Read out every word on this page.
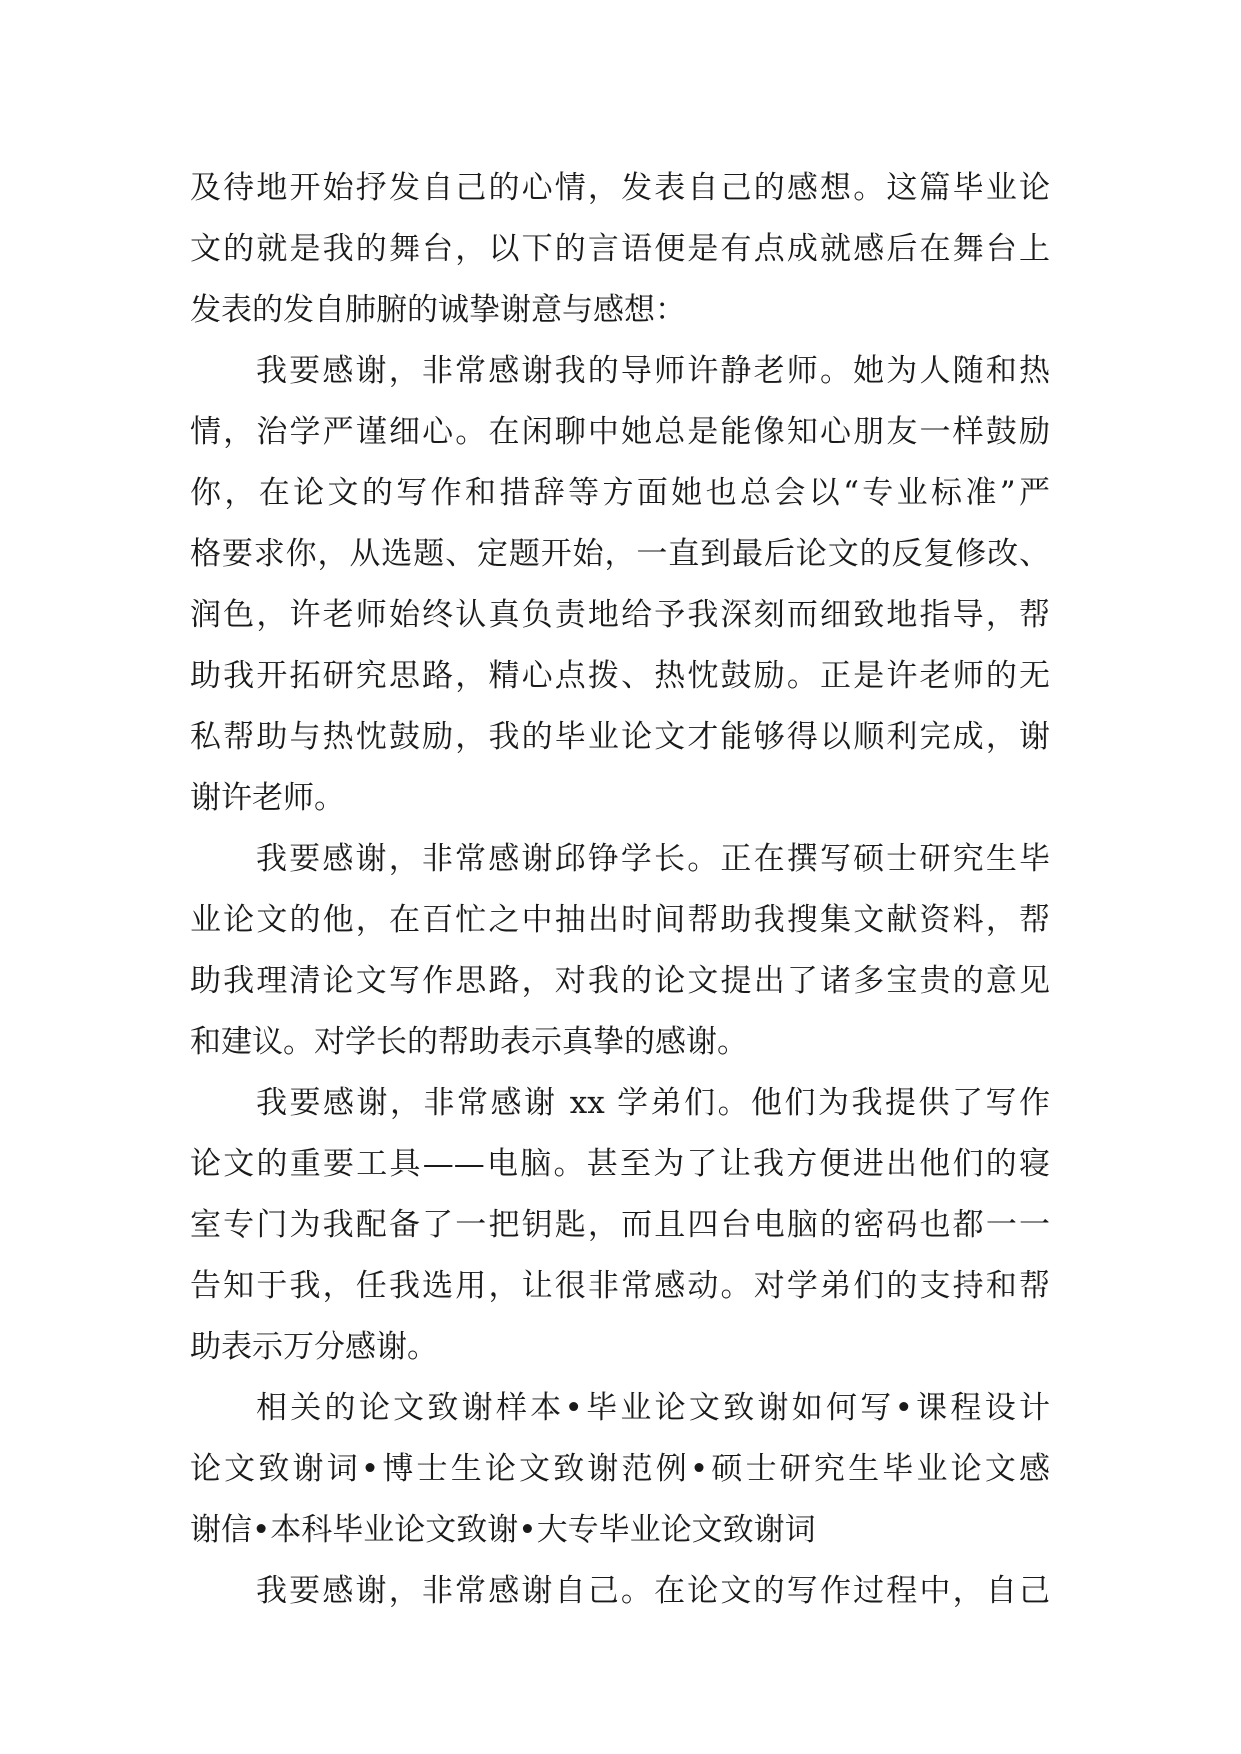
及待地开始抒发自己的心情，发表自己的感想。这篇毕业论
文的就是我的舞台，以下的言语便是有点成就感后在舞台上
发表的发自肺腑的诚挚谢意与感想：

我要感谢，非常感谢我的导师许静老师。她为人随和热
情，治学严谨细心。在闲聊中她总是能像知心朋友一样鼓励
你，在论文的写作和措辞等方面她也总会以“专业标准”严
格要求你，从选题、定题开始，一直到最后论文的反复修改、
润色，许老师始终认真负责地给予我深刻而细致地指导，帮
助我开拓研究思路，精心点拨、热忱鼓励。正是许老师的无
私帮助与热忱鼓励，我的毕业论文才能够得以顺利完成，谢
谢许老师。

我要感谢，非常感谢邱铮学长。正在撰写硕士研究生毕
业论文的他，在百忙之中抽出时间帮助我搜集文献资料，帮
助我理清论文写作思路，对我的论文提出了诸多宝贵的意见
和建议。对学长的帮助表示真挚的感谢。

我要感谢，非常感谢 xx 学弟们。他们为我提供了写作
论文的重要工具——电脑。甚至为了让我方便进出他们的寝
室专门为我配备了一把钥匙，而且四台电脑的密码也都一一
告知于我，任我选用，让很非常感动。对学弟们的支持和帮
助表示万分感谢。

相关的论文致谢样本•毕业论文致谢如何写•课程设计
论文致谢词•博士生论文致谢范例•硕士研究生毕业论文感
谢信•本科毕业论文致谢•大专毕业论文致谢词

我要感谢，非常感谢自己。在论文的写作过程中，自己
